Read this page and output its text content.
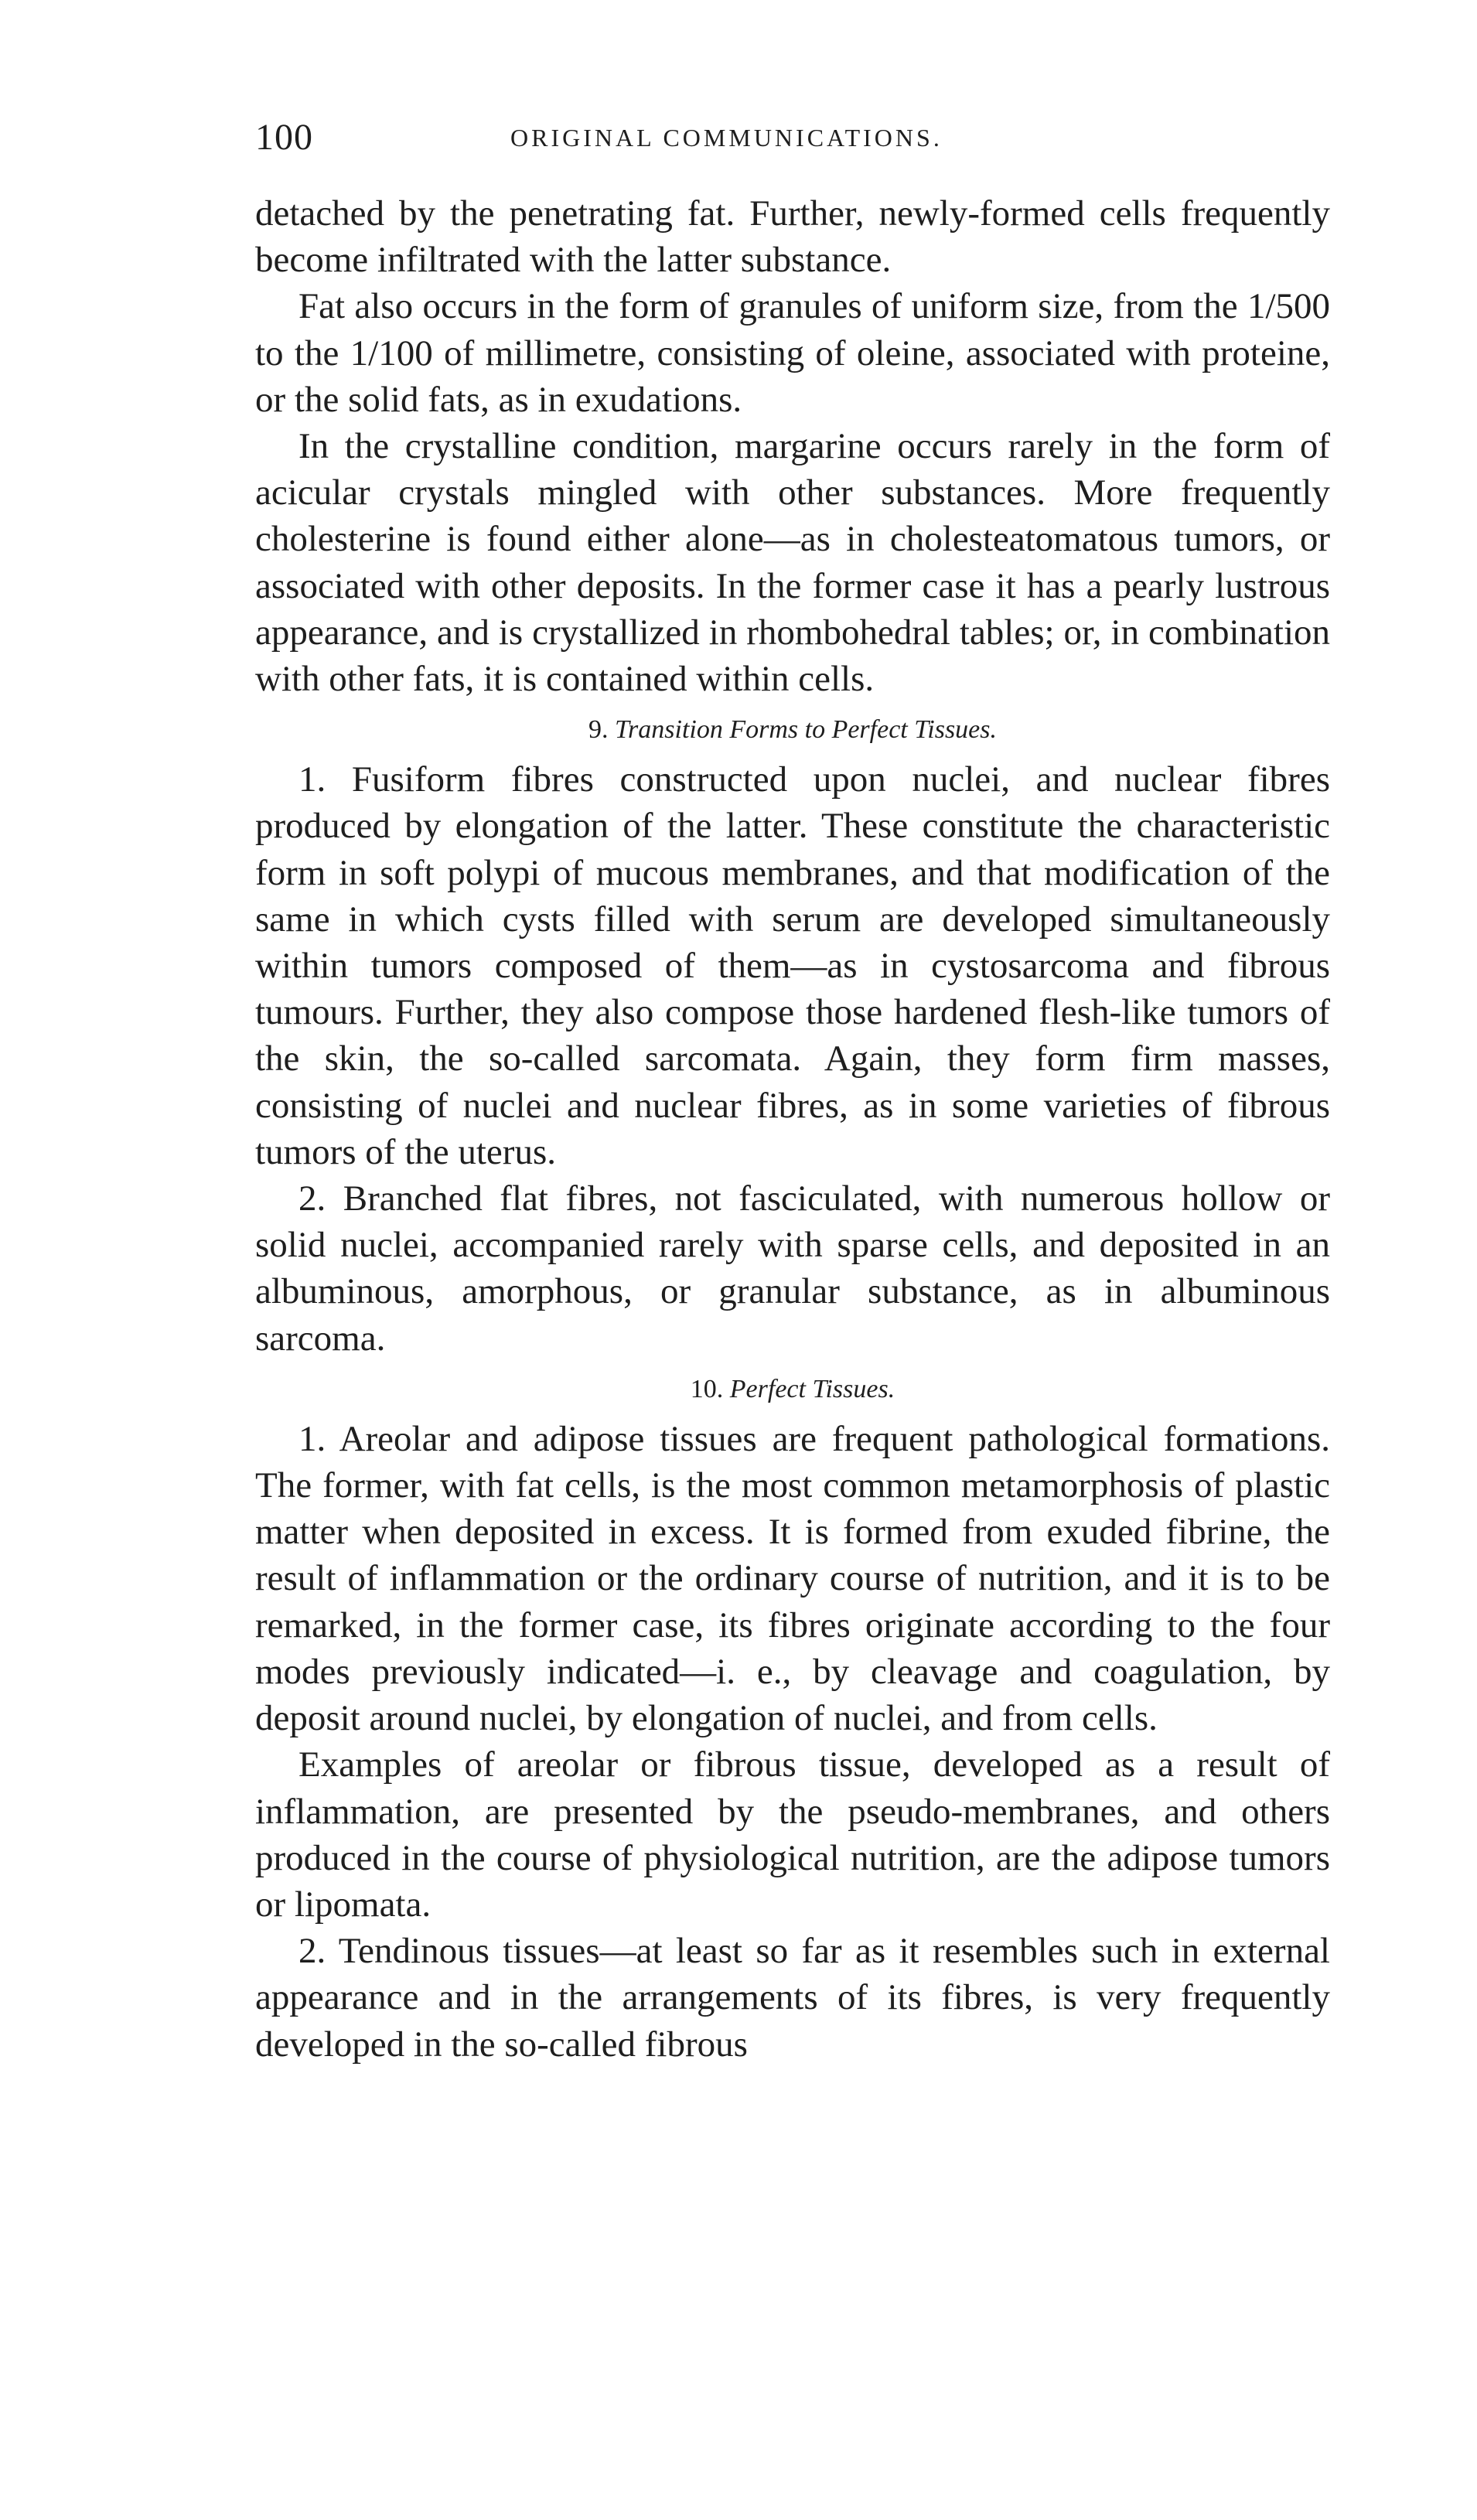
100	ORIGINAL COMMUNICATIONS.

detached by the penetrating fat. Further, newly-formed cells frequently become infiltrated with the latter substance.

Fat also occurs in the form of granules of uniform size, from the 1/500 to the 1/100 of millimetre, consisting of oleine, associated with proteine, or the solid fats, as in exudations.

In the crystalline condition, margarine occurs rarely in the form of acicular crystals mingled with other substances. More frequently cholesterine is found either alone—as in cholesteatomatous tumors, or associated with other deposits. In the former case it has a pearly lustrous appearance, and is crystallized in rhombohedral tables; or, in combination with other fats, it is contained within cells.

9. Transition Forms to Perfect Tissues.

1. Fusiform fibres constructed upon nuclei, and nuclear fibres produced by elongation of the latter. These constitute the characteristic form in soft polypi of mucous membranes, and that modification of the same in which cysts filled with serum are developed simultaneously within tumors composed of them—as in cystosarcoma and fibrous tumours. Further, they also compose those hardened flesh-like tumors of the skin, the so-called sarcomata. Again, they form firm masses, consisting of nuclei and nuclear fibres, as in some varieties of fibrous tumors of the uterus.

2. Branched flat fibres, not fasciculated, with numerous hollow or solid nuclei, accompanied rarely with sparse cells, and deposited in an albuminous, amorphous, or granular substance, as in albuminous sarcoma.

10. Perfect Tissues.

1. Areolar and adipose tissues are frequent pathological formations. The former, with fat cells, is the most common metamorphosis of plastic matter when deposited in excess. It is formed from exuded fibrine, the result of inflammation or the ordinary course of nutrition, and it is to be remarked, in the former case, its fibres originate according to the four modes previously indicated—i. e., by cleavage and coagulation, by deposit around nuclei, by elongation of nuclei, and from cells.

Examples of areolar or fibrous tissue, developed as a result of inflammation, are presented by the pseudo-membranes, and others produced in the course of physiological nutrition, are the adipose tumors or lipomata.

2. Tendinous tissues—at least so far as it resembles such in external appearance and in the arrangements of its fibres, is very frequently developed in the so-called fibrous
